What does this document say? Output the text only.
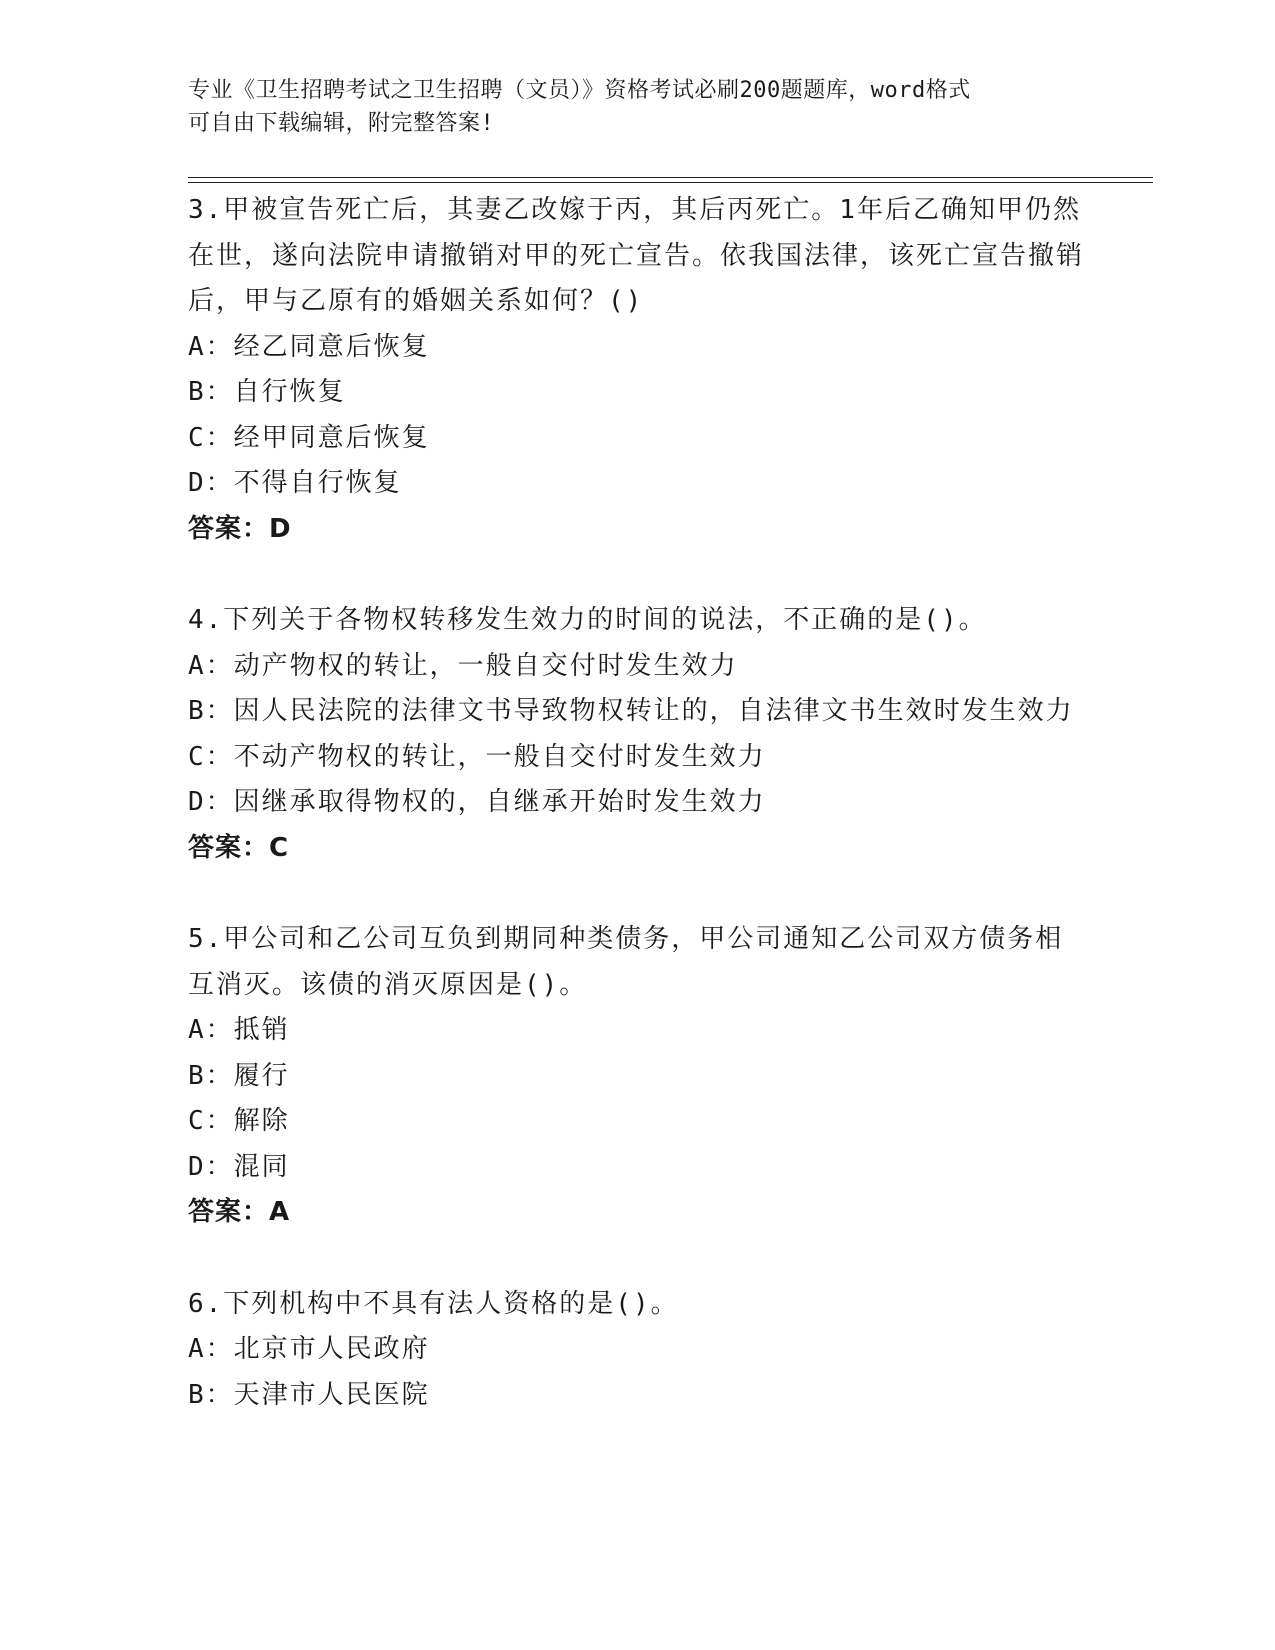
专业《卫生招聘考试之卫生招聘（文员）》资格考试必刷200题题库，word格式
可自由下载编辑，附完整答案!

3.甲被宣告死亡后，其妻乙改嫁于丙，其后丙死亡。1年后乙确知甲仍然在世，遂向法院申请撤销对甲的死亡宣告。依我国法律，该死亡宣告撤销后，甲与乙原有的婚姻关系如何？()

A：经乙同意后恢复

B：自行恢复

C：经甲同意后恢复

D：不得自行恢复

答案：D

4.下列关于各物权转移发生效力的时间的说法，不正确的是()。

A：动产物权的转让，一般自交付时发生效力

B：因人民法院的法律文书导致物权转让的，自法律文书生效时发生效力

C：不动产物权的转让，一般自交付时发生效力

D：因继承取得物权的，自继承开始时发生效力

答案：C

5.甲公司和乙公司互负到期同种类债务，甲公司通知乙公司双方债务相互消灭。该债的消灭原因是()。

A：抵销

B：履行

C：解除

D：混同

答案：A

6.下列机构中不具有法人资格的是()。

A：北京市人民政府

B：天津市人民医院
